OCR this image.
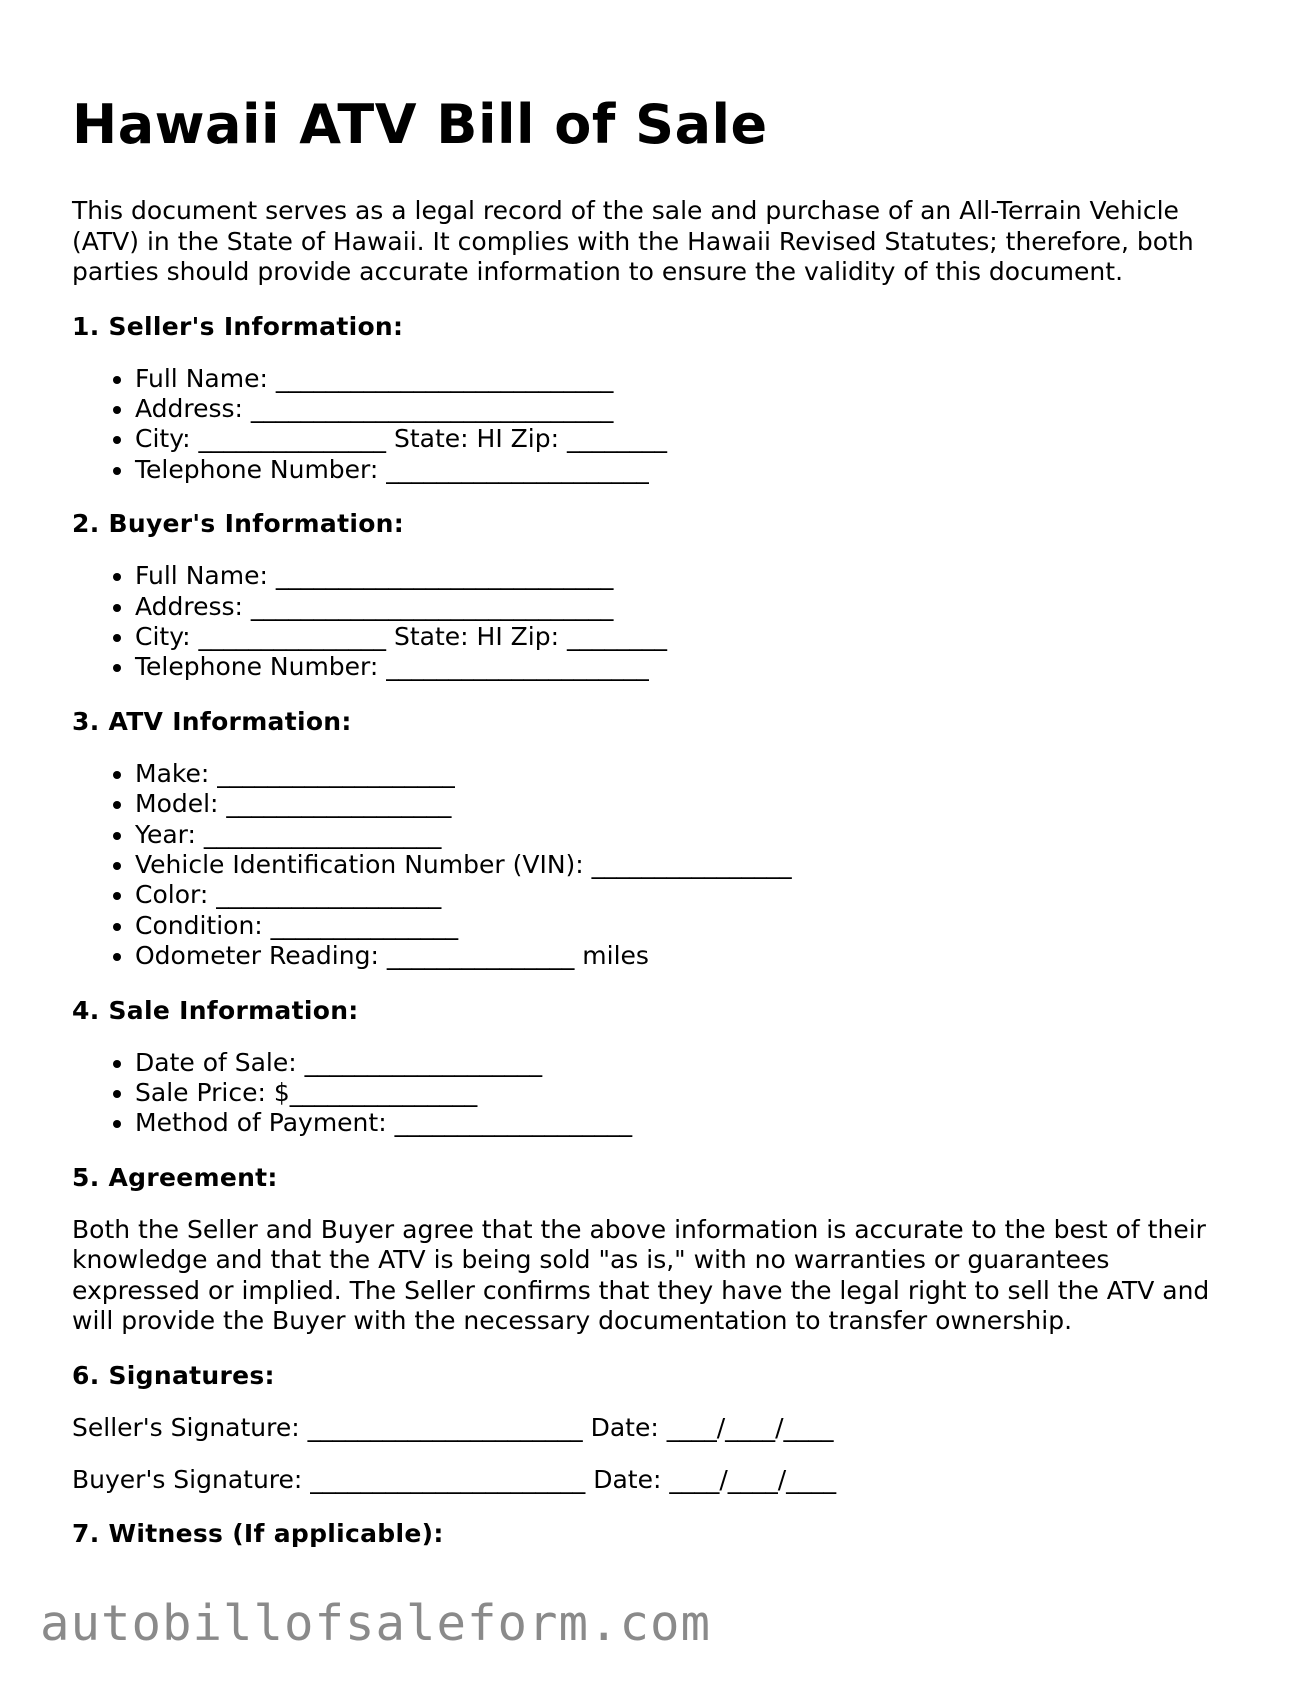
Hawaii ATV Bill of Sale

This document serves as a legal record of the sale and purchase of an All-Terrain Vehicle (ATV) in the State of Hawaii. It complies with the Hawaii Revised Statutes; therefore, both parties should provide accurate information to ensure the validity of this document.

1. Seller's Information:
• Full Name: ___________________________
• Address: _____________________________
• City: _______________ State: HI Zip: ________
• Telephone Number: _____________________
2. Buyer's Information:
• Full Name: ___________________________
• Address: _____________________________
• City: _______________ State: HI Zip: ________
• Telephone Number: _____________________
3. ATV Information:
• Make: ___________________
• Model: __________________
• Year: ___________________
• Vehicle Identification Number (VIN): ________________
• Color: __________________
• Condition: _______________
• Odometer Reading: _______________ miles
4. Sale Information:
• Date of Sale: ___________________
• Sale Price: $_______________
• Method of Payment: ___________________
5. Agreement:

Both the Seller and Buyer agree that the above information is accurate to the best of their knowledge and that the ATV is being sold "as is," with no warranties or guarantees expressed or implied. The Seller confirms that they have the legal right to sell the ATV and will provide the Buyer with the necessary documentation to transfer ownership.

6. Signatures:

Seller's Signature: ______________________ Date: ____/____/____

Buyer's Signature: ______________________ Date: ____/____/____

7. Witness (If applicable):
autobillofsaleform.com
